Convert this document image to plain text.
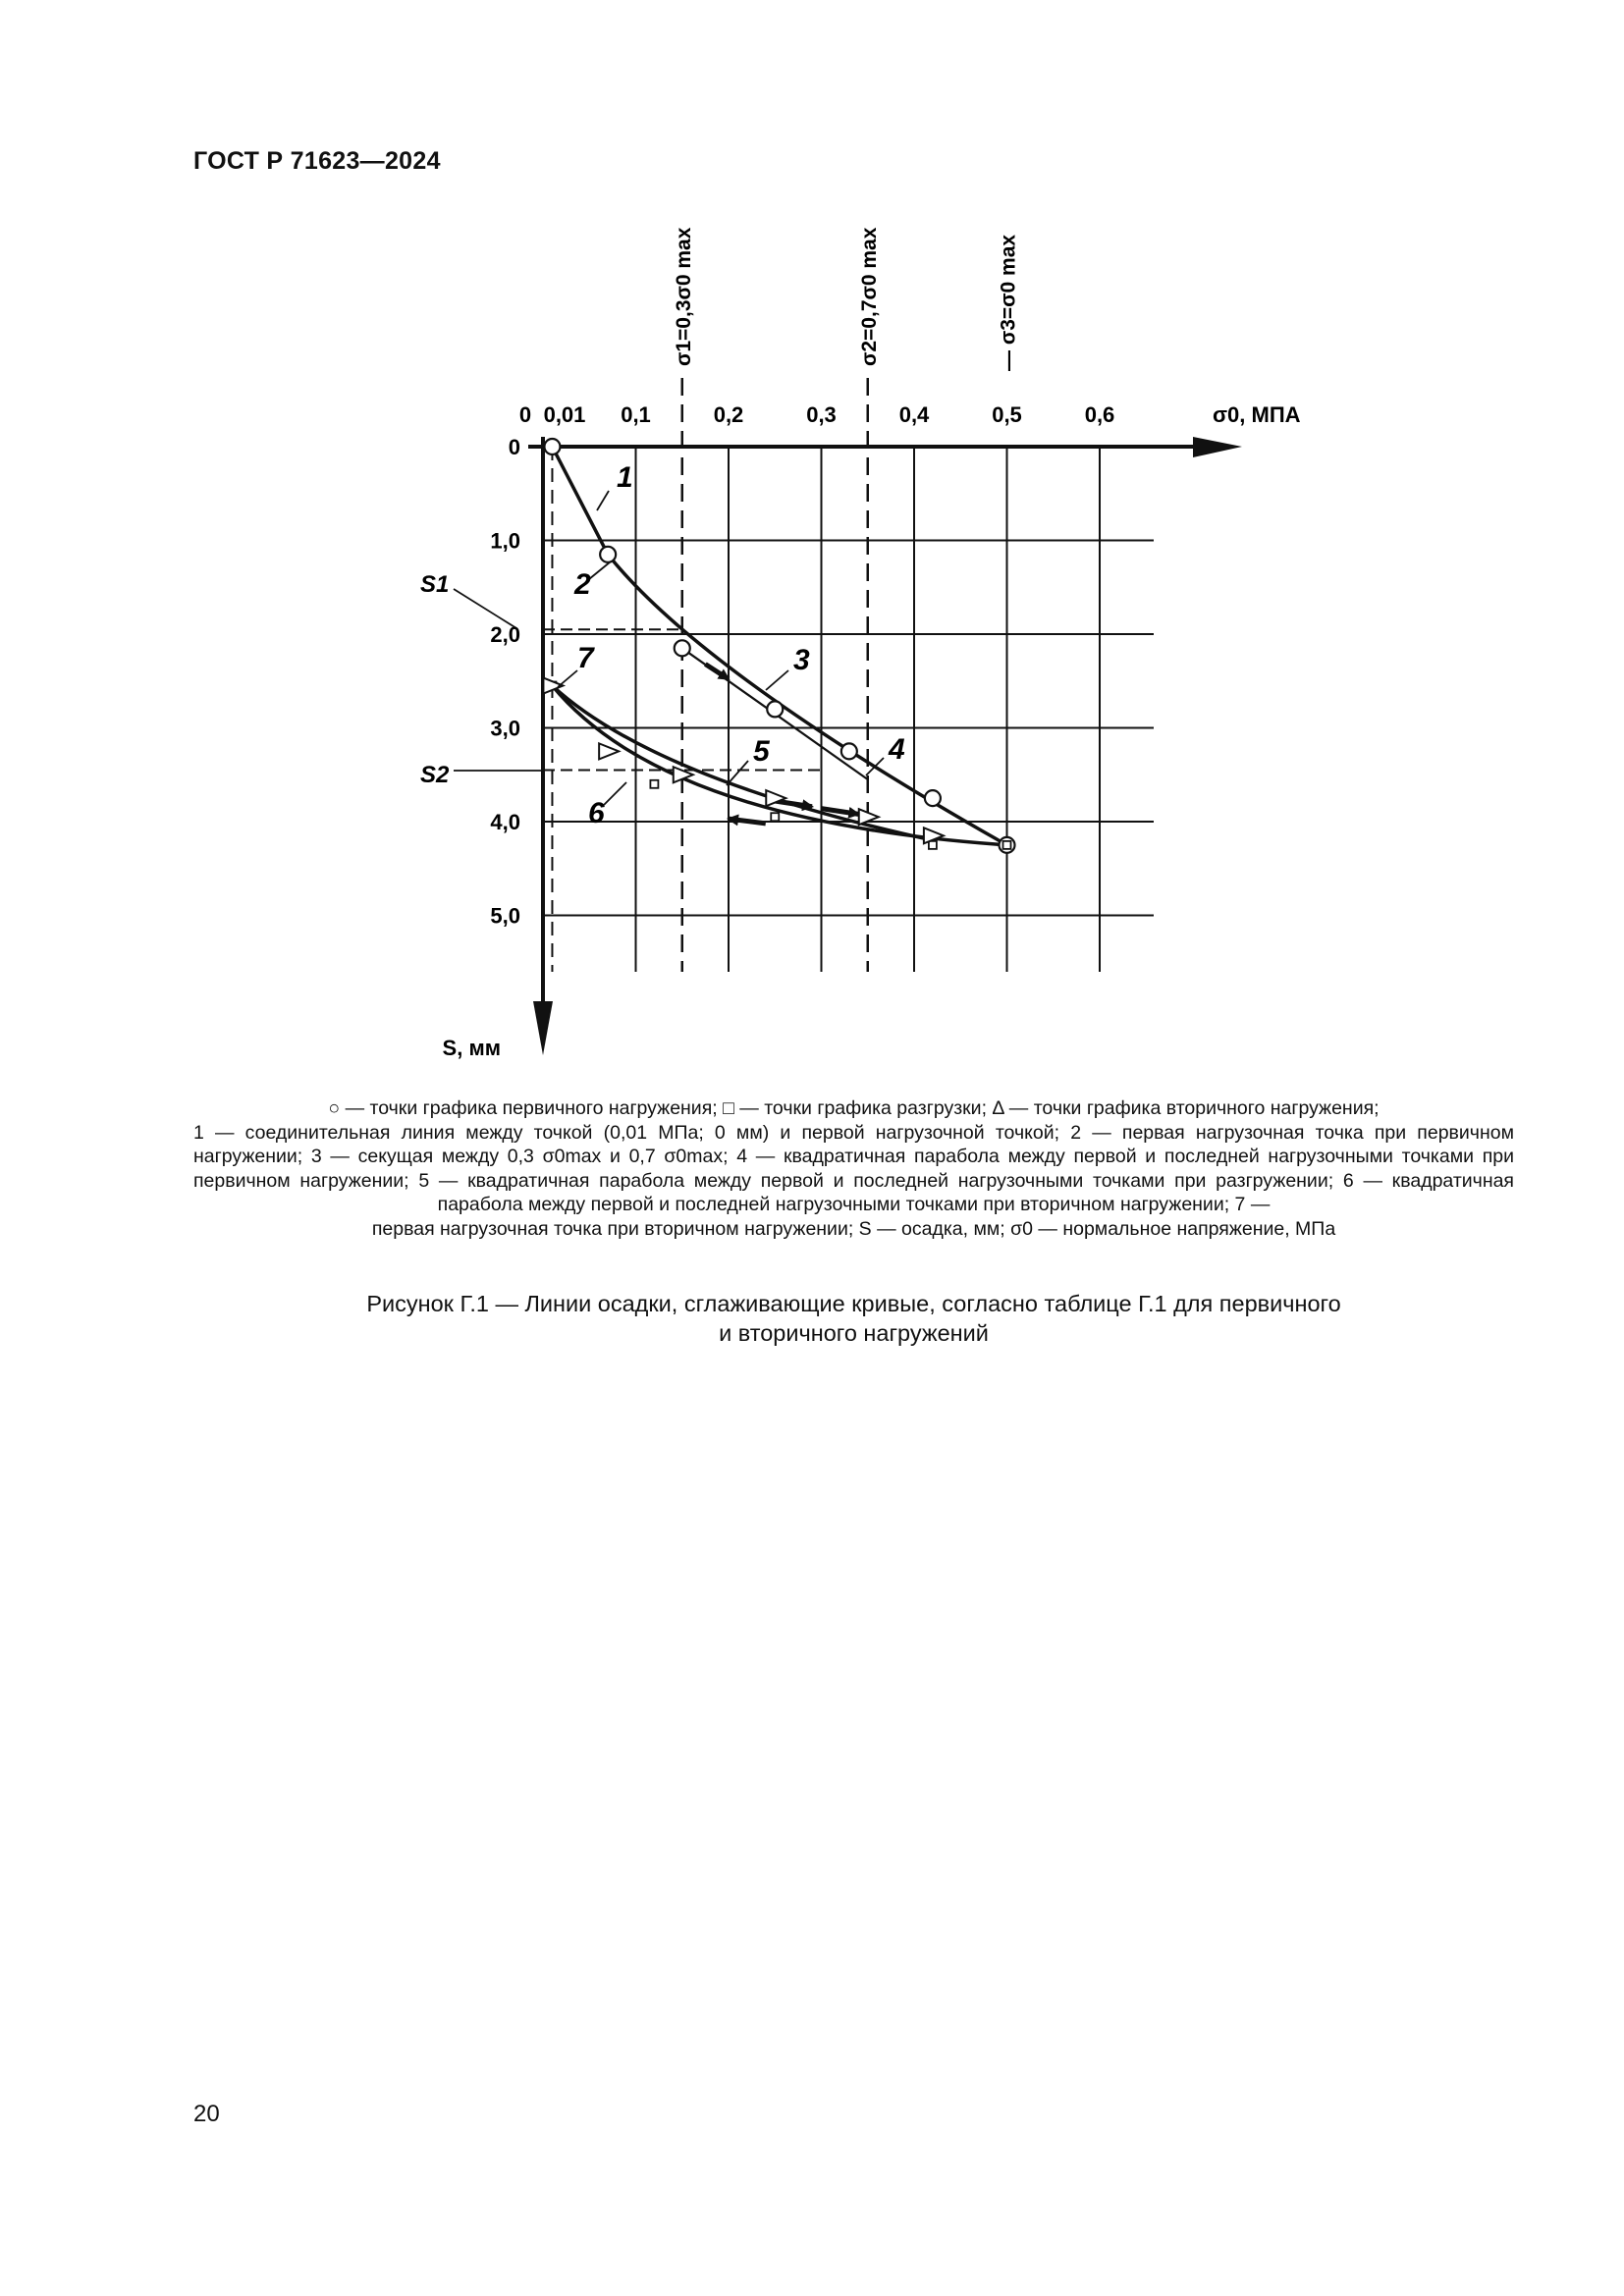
ГОСТ Р 71623—2024
0 0,01 0,1	0,2	0,3	0,4	0,5	0,6
0
1,0
2,0
3,0
4,0
5,0
σ0, МПА
S, мм
σ1=0,3σ0 max	σ2=0,7σ0 max	— σ3=σ0 max
S1
S2
1
2
3
4
5
6
7
○ — точки графика первичного нагружения; □ — точки графика разгрузки; Δ — точки графика вторичного нагружения;
1 — соединительная линия между точкой (0,01 МПа; 0 мм) и первой нагрузочной точкой; 2 — первая нагрузочная точка при первичном нагружении; 3 — секущая между 0,3 σ0max и 0,7 σ0max; 4 — квадратичная парабола между первой и последней нагрузочными точками при первичном нагружении; 5 — квадратичная парабола между первой и последней нагрузочными точками при разгружении; 6 — квадратичная парабола между первой и последней нагрузочными точками при вторичном нагружении; 7 —
первая нагрузочная точка при вторичном нагружении; S — осадка, мм; σ0 — нормальное напряжение, МПа
Рисунок Г.1 — Линии осадки, сглаживающие кривые, согласно таблице Г.1 для первичного
и вторичного нагружений
20
